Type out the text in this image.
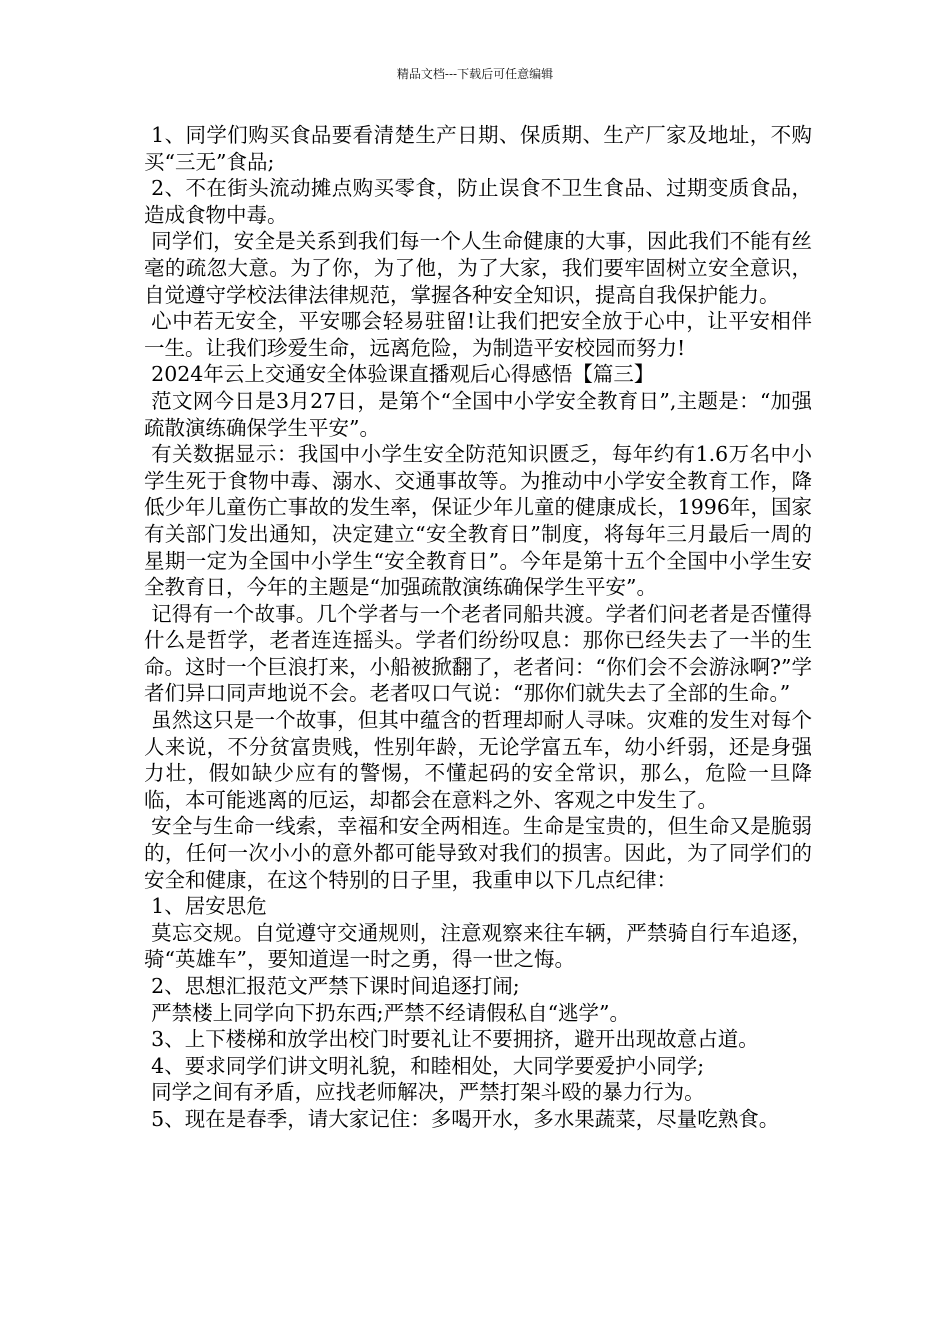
精品文档---下载后可任意编辑

1、同学们购买食品要看清楚生产日期、保质期、生产厂家及地址，不购买“三无”食品;

2、不在街头流动摊点购买零食，防止误食不卫生食品、过期变质食品，造成食物中毒。

同学们，安全是关系到我们每一个人生命健康的大事，因此我们不能有丝毫的疏忽大意。为了你，为了他，为了大家，我们要牢固树立安全意识，自觉遵守学校法律法律规范，掌握各种安全知识，提高自我保护能力。

心中若无安全，平安哪会轻易驻留!让我们把安全放于心中，让平安相伴一生。让我们珍爱生命，远离危险，为制造平安校园而努力!

2024年云上交通安全体验课直播观后心得感悟【篇三】

范文网今日是3月27日，是第个“全国中小学安全教育日”,主题是：“加强疏散演练确保学生平安”。

有关数据显示：我国中小学生安全防范知识匮乏，每年约有1.6万名中小学生死于食物中毒、溺水、交通事故等。为推动中小学安全教育工作，降低少年儿童伤亡事故的发生率，保证少年儿童的健康成长，1996年，国家有关部门发出通知，决定建立“安全教育日”制度，将每年三月最后一周的星期一定为全国中小学生“安全教育日”。今年是第十五个全国中小学生安全教育日，今年的主题是“加强疏散演练确保学生平安”。

记得有一个故事。几个学者与一个老者同船共渡。学者们问老者是否懂得什么是哲学，老者连连摇头。学者们纷纷叹息：那你已经失去了一半的生命。这时一个巨浪打来，小船被掀翻了，老者问：“你们会不会游泳啊?”学者们异口同声地说不会。老者叹口气说：“那你们就失去了全部的生命。”

虽然这只是一个故事，但其中蕴含的哲理却耐人寻味。灾难的发生对每个人来说，不分贫富贵贱，性别年龄，无论学富五车，幼小纤弱，还是身强力壮，假如缺少应有的警惕，不懂起码的安全常识，那么，危险一旦降临，本可能逃离的厄运，却都会在意料之外、客观之中发生了。

安全与生命一线索，幸福和安全两相连。生命是宝贵的，但生命又是脆弱的，任何一次小小的意外都可能导致对我们的损害。因此，为了同学们的安全和健康，在这个特别的日子里，我重申以下几点纪律：

1、居安思危

莫忘交规。自觉遵守交通规则，注意观察来往车辆，严禁骑自行车追逐，骑“英雄车”，要知道逞一时之勇，得一世之悔。

2、思想汇报范文严禁下课时间追逐打闹;

严禁楼上同学向下扔东西;严禁不经请假私自“逃学”。

3、上下楼梯和放学出校门时要礼让不要拥挤，避开出现故意占道。

4、要求同学们讲文明礼貌，和睦相处，大同学要爱护小同学;

同学之间有矛盾，应找老师解决，严禁打架斗殴的暴力行为。

5、现在是春季，请大家记住：多喝开水，多水果蔬菜，尽量吃熟食。
